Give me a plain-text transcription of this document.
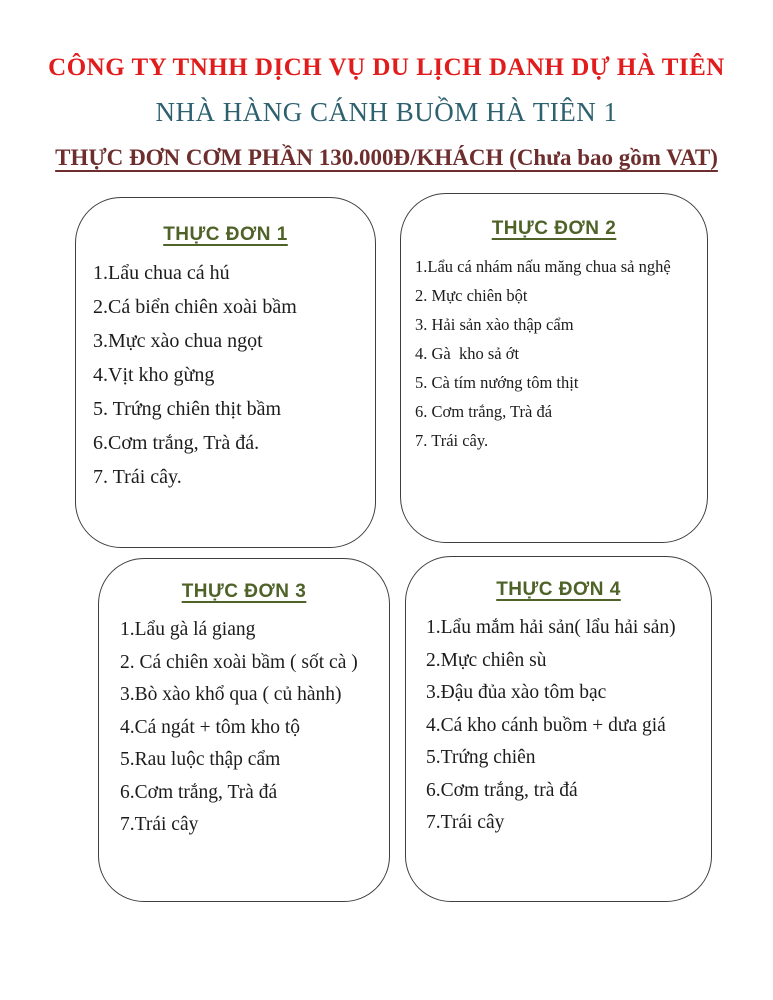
CÔNG TY TNHH DỊCH VỤ DU LỊCH DANH DỰ HÀ TIÊN
NHÀ HÀNG CÁNH BUỒM HÀ TIÊN 1
THỰC ĐƠN CƠM PHẦN 130.000Đ/KHÁCH (Chưa bao gồm VAT)
THỰC ĐƠN 1
1.Lẩu chua cá hú
2.Cá biển chiên xoài bầm
3.Mực xào chua ngọt
4.Vịt kho gừng
5. Trứng chiên thịt bầm
6.Cơm trắng, Trà đá.
7. Trái cây.
THỰC ĐƠN 2
1.Lẩu cá nhám nấu măng chua sả nghệ
2. Mực chiên bột
3. Hải sản xào thập cẩm
4. Gà  kho sả ớt
5. Cà tím nướng tôm thịt
6. Cơm trắng, Trà đá
7. Trái cây.
THỰC ĐƠN 3
1.Lẩu gà lá giang
2. Cá chiên xoài bầm ( sốt cà )
3.Bò xào khổ qua ( củ hành)
4.Cá ngát + tôm kho tộ
5.Rau luộc thập cẩm
6.Cơm trắng, Trà đá
7.Trái cây
THỰC ĐƠN 4
1.Lẩu mắm hải sản( lẩu hải sản)
2.Mực chiên sù
3.Đậu đủa xào tôm bạc
4.Cá kho cánh buồm + dưa giá
5.Trứng chiên
6.Cơm trắng, trà đá
7.Trái cây
